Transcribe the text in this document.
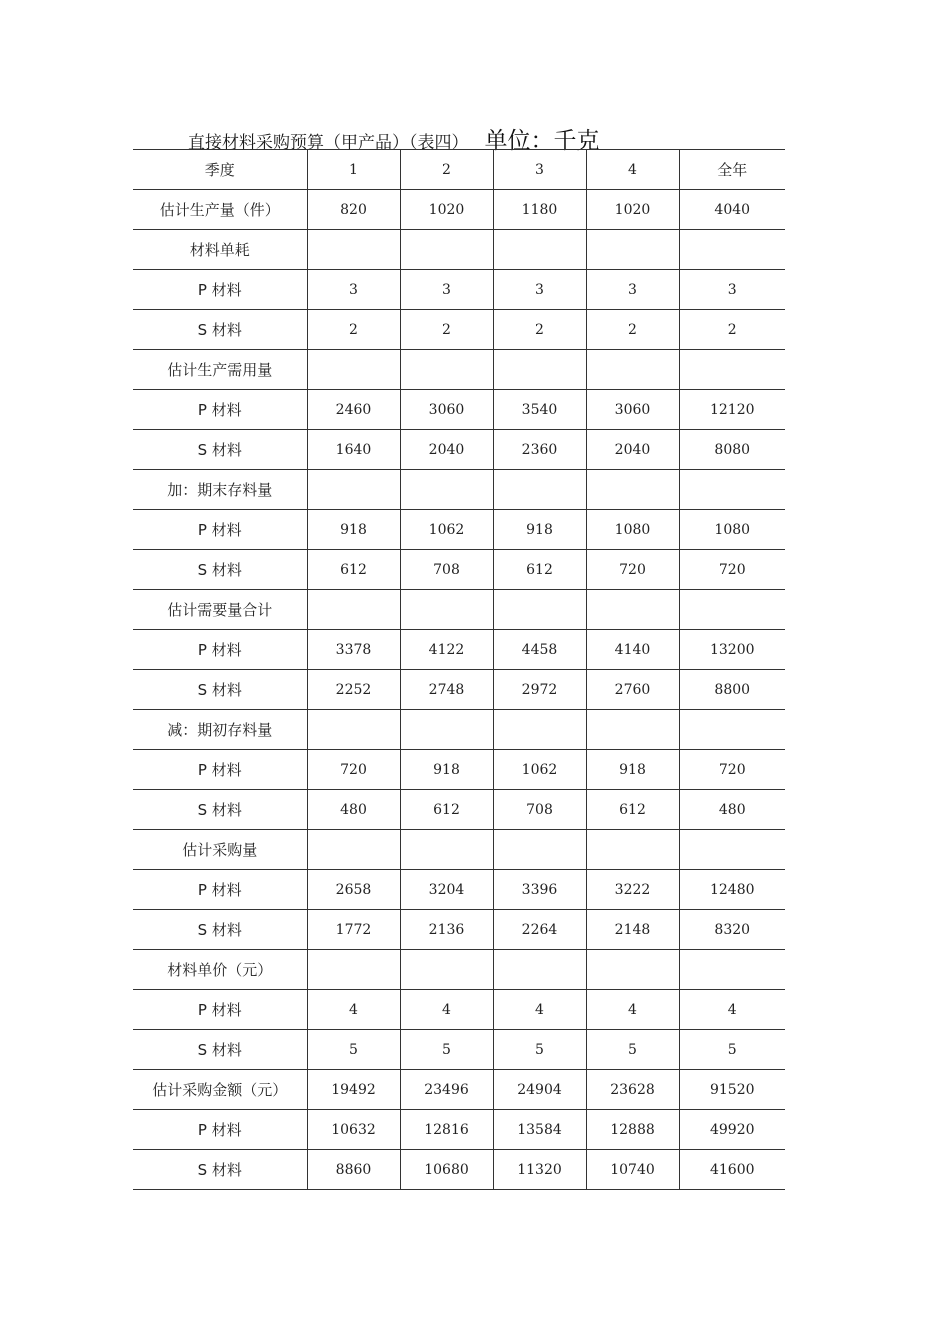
直接材料采购预算（甲产品）（表四） 单位：千克
季度	1	2	3	4	全年
估计生产量（件）	820	1020	1180	1020	4040
材料单耗					
P 材料	3	3	3	3	3
S 材料	2	2	2	2	2
估计生产需用量					
P 材料	2460	3060	3540	3060	12120
S 材料	1640	2040	2360	2040	8080
加：期末存料量					
P 材料	918	1062	918	1080	1080
S 材料	612	708	612	720	720
估计需要量合计					
P 材料	3378	4122	4458	4140	13200
S 材料	2252	2748	2972	2760	8800
减：期初存料量					
P 材料	720	918	1062	918	720
S 材料	480	612	708	612	480
估计采购量					
P 材料	2658	3204	3396	3222	12480
S 材料	1772	2136	2264	2148	8320
材料单价（元）					
P 材料	4	4	4	4	4
S 材料	5	5	5	5	5
估计采购金额（元）	19492	23496	24904	23628	91520
P 材料	10632	12816	13584	12888	49920
S 材料	8860	10680	11320	10740	41600
